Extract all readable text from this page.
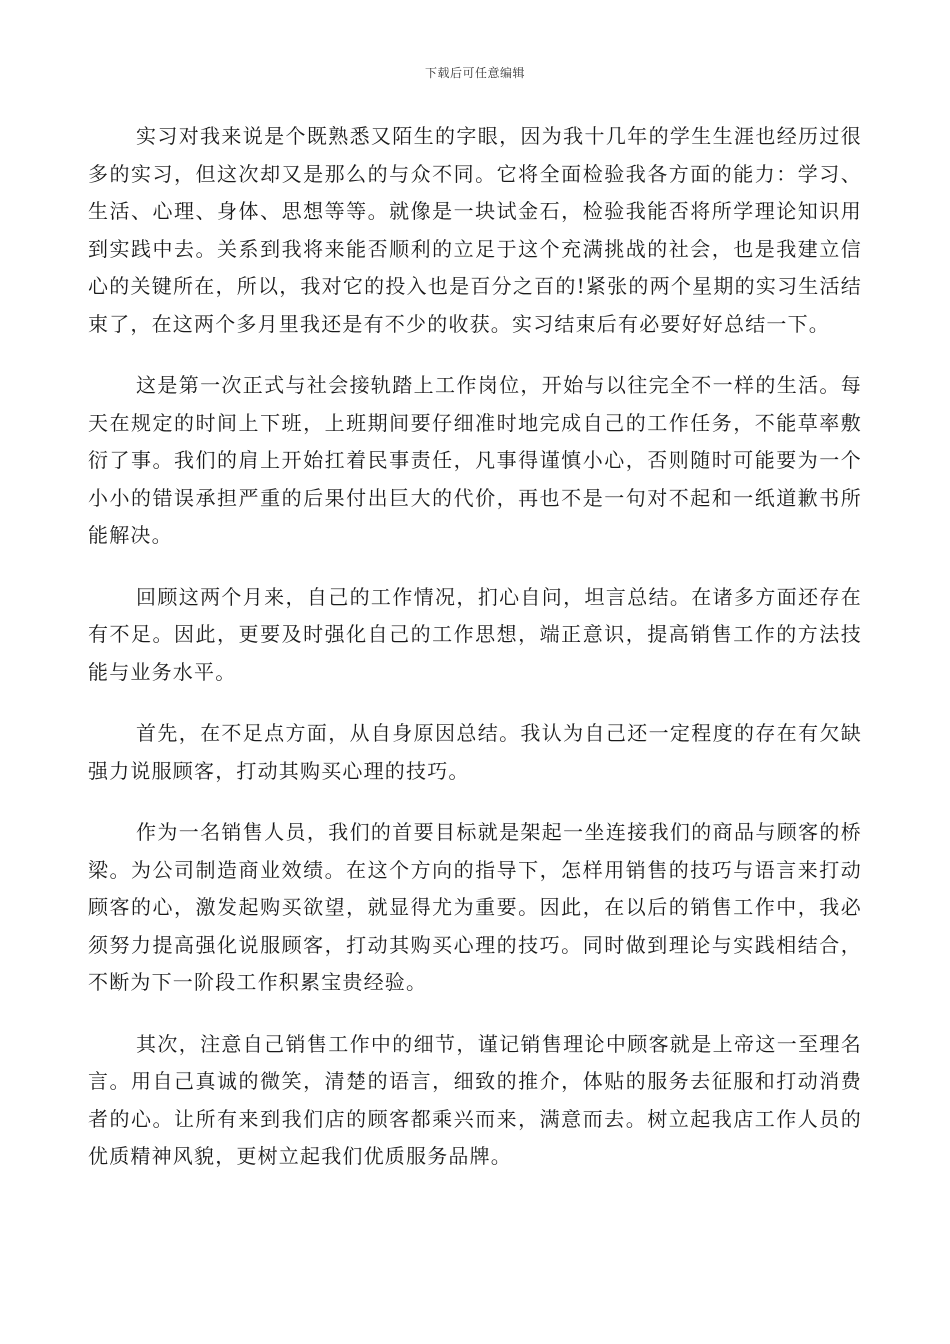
下载后可任意编辑

实习对我来说是个既熟悉又陌生的字眼，因为我十几年的学生生涯也经历过很多的实习，但这次却又是那么的与众不同。它将全面检验我各方面的能力：学习、生活、心理、身体、思想等等。就像是一块试金石，检验我能否将所学理论知识用到实践中去。关系到我将来能否顺利的立足于这个充满挑战的社会，也是我建立信心的关键所在，所以，我对它的投入也是百分之百的!紧张的两个星期的实习生活结束了，在这两个多月里我还是有不少的收获。实习结束后有必要好好总结一下。

这是第一次正式与社会接轨踏上工作岗位，开始与以往完全不一样的生活。每天在规定的时间上下班，上班期间要仔细准时地完成自己的工作任务，不能草率敷衍了事。我们的肩上开始扛着民事责任，凡事得谨慎小心，否则随时可能要为一个小小的错误承担严重的后果付出巨大的代价，再也不是一句对不起和一纸道歉书所能解决。

回顾这两个月来，自己的工作情况，扪心自问，坦言总结。在诸多方面还存在有不足。因此，更要及时强化自己的工作思想，端正意识，提高销售工作的方法技能与业务水平。

首先，在不足点方面，从自身原因总结。我认为自己还一定程度的存在有欠缺强力说服顾客，打动其购买心理的技巧。

作为一名销售人员，我们的首要目标就是架起一坐连接我们的商品与顾客的桥梁。为公司制造商业效绩。在这个方向的指导下，怎样用销售的技巧与语言来打动顾客的心，激发起购买欲望，就显得尤为重要。因此，在以后的销售工作中，我必须努力提高强化说服顾客，打动其购买心理的技巧。同时做到理论与实践相结合，不断为下一阶段工作积累宝贵经验。

其次，注意自己销售工作中的细节，谨记销售理论中顾客就是上帝这一至理名言。用自己真诚的微笑，清楚的语言，细致的推介，体贴的服务去征服和打动消费者的心。让所有来到我们店的顾客都乘兴而来，满意而去。树立起我店工作人员的优质精神风貌，更树立起我们优质服务品牌。
